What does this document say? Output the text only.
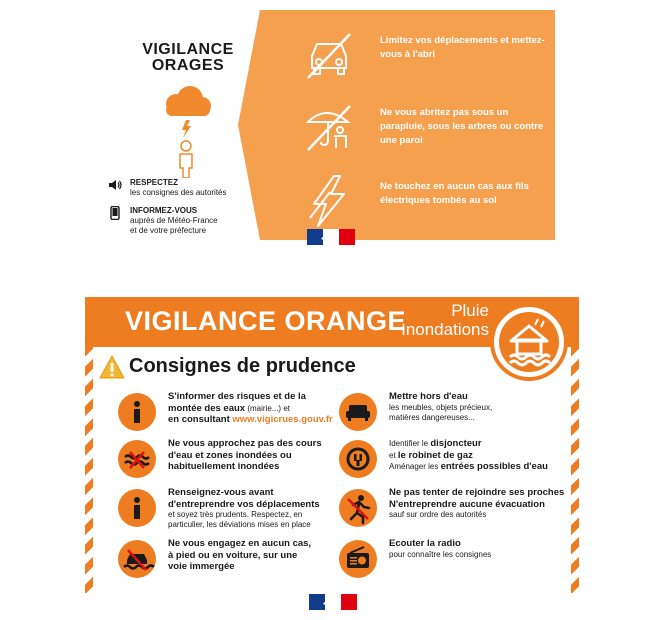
VIGILANCE
ORAGES
RESPECTEZ
les consignes des autorités
INFORMEZ-VOUS
auprès de Météo-France
et de votre préfecture
Limitez vos déplacements et mettez-vous à l'abri
Ne vous abritez pas sous un parapluie, sous les arbres ou contre une paroi
Ne touchez en aucun cas aux fils électriques tombés au sol
VIGILANCE ORANGE	Pluie
Inondations
Consignes de prudence
S'informer des risques et de la
montée des eaux (mairie...) et
en consultant www.vigicrues.gouv.fr
Ne vous approchez pas des cours
d'eau et zones inondées ou
habituellement inondées
Renseignez-vous avant
d'entreprendre vos déplacements
et soyez très prudents. Respectez, en
particulier, les déviations mises en place
Ne vous engagez en aucun cas,
à pied ou en voiture, sur une
voie immergée
Mettre hors d'eau
les meubles, objets précieux,
matières dangereuses...
Identifier le disjoncteur
et le robinet de gaz
Aménager les entrées possibles d'eau
Ne pas tenter de rejoindre ses proches
N'entreprendre aucune évacuation
sauf sur ordre des autorités
Ecouter la radio
pour connaître les consignes
